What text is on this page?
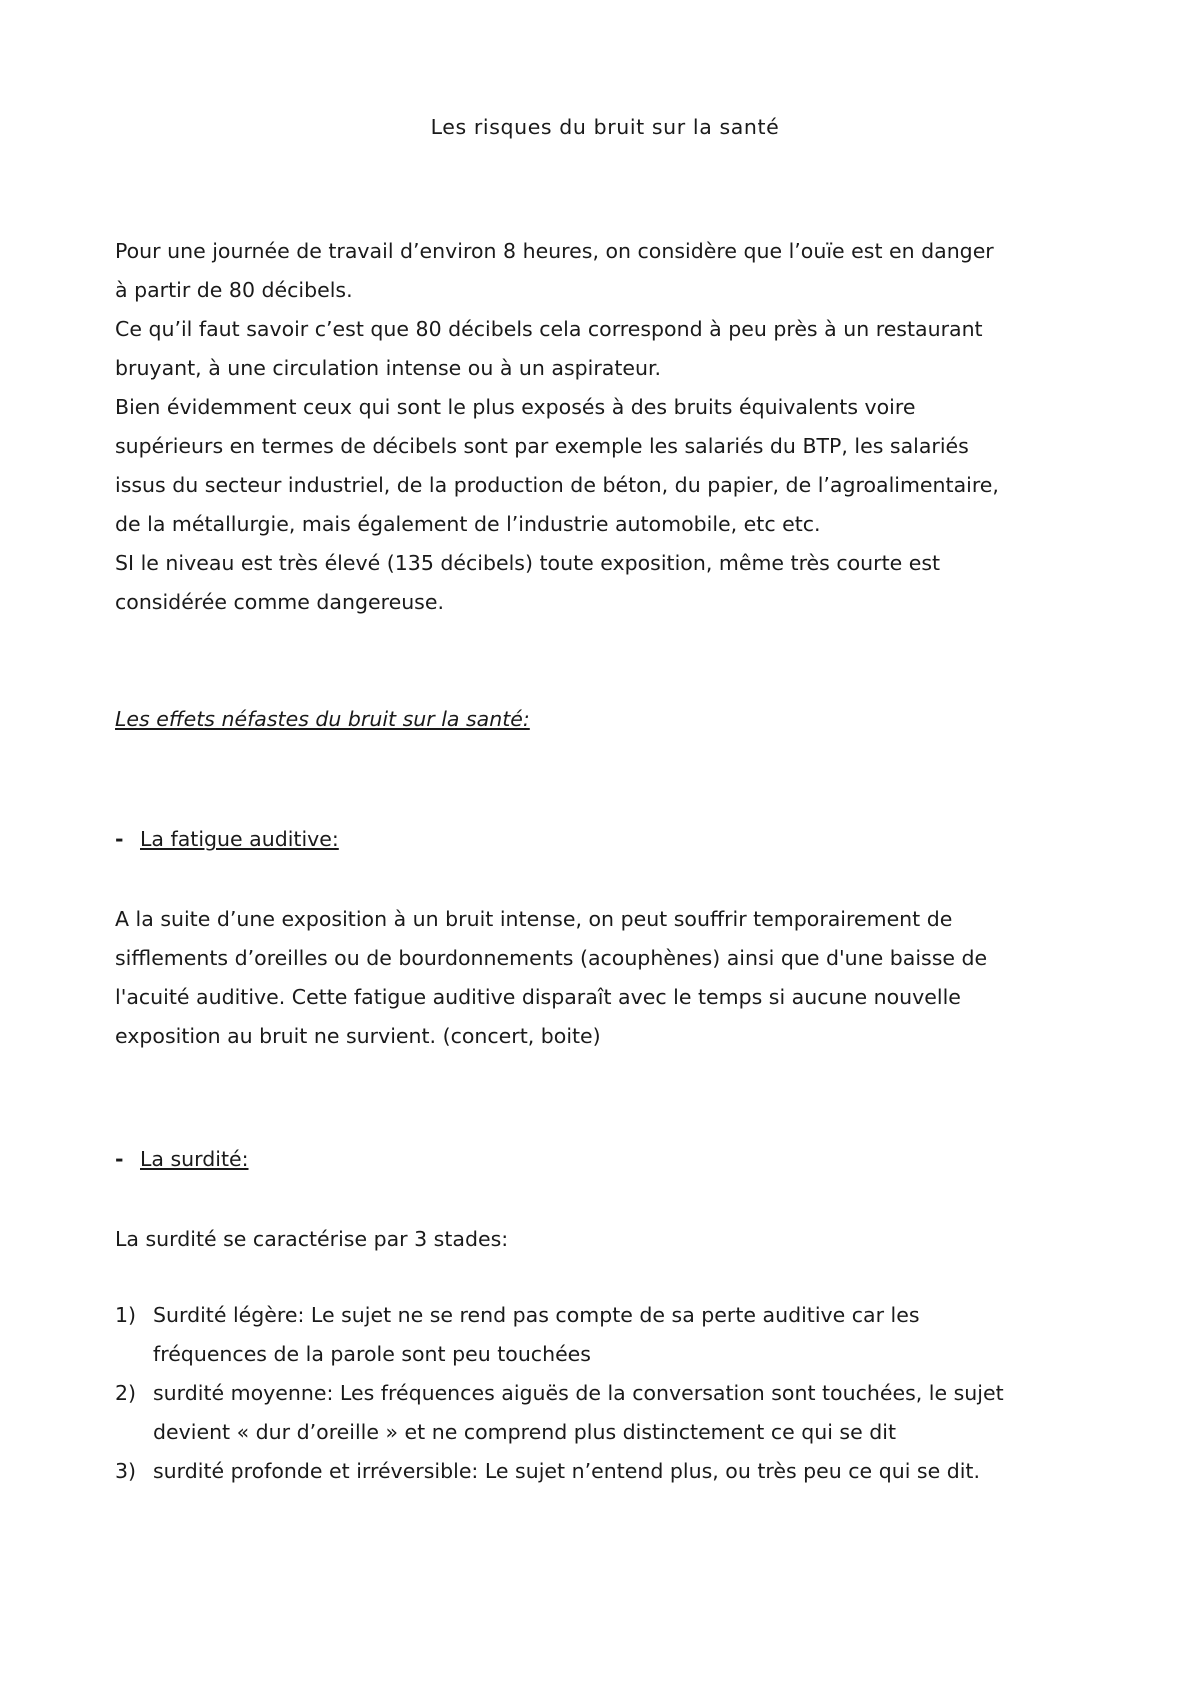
Les risques du bruit sur la santé

Pour une journée de travail d’environ 8 heures, on considère que l’ouïe est en danger

à partir de 80 décibels.

Ce qu’il faut savoir c’est que 80 décibels cela correspond à peu près à un restaurant

bruyant, à une circulation intense ou à un aspirateur.

Bien évidemment ceux qui sont le plus exposés à des bruits équivalents voire

supérieurs en termes de décibels sont par exemple les salariés du BTP, les salariés

issus du secteur industriel, de la production de béton, du papier, de l’agroalimentaire,

de la métallurgie, mais également de l’industrie automobile, etc etc.

SI le niveau est très élevé (135 décibels) toute exposition, même très courte est

considérée comme dangereuse.

Les effets néfastes du bruit sur la santé:
- La fatigue auditive:

A la suite d’une exposition à un bruit intense, on peut souffrir temporairement de

sifflements d’oreilles ou de bourdonnements (acouphènes) ainsi que d'une baisse de

l'acuité auditive. Cette fatigue auditive disparaît avec le temps si aucune nouvelle

exposition au bruit ne survient. (concert, boite)

- La surdité:

La surdité se caractérise par 3 stades:

1) Surdité légère: Le sujet ne se rend pas compte de sa perte auditive car les
fréquences de la parole sont peu touchées
2) surdité moyenne: Les fréquences aiguës de la conversation sont touchées, le sujet
devient « dur d’oreille » et ne comprend plus distinctement ce qui se dit
3) surdité profonde et irréversible: Le sujet n’entend plus, ou très peu ce qui se dit.
